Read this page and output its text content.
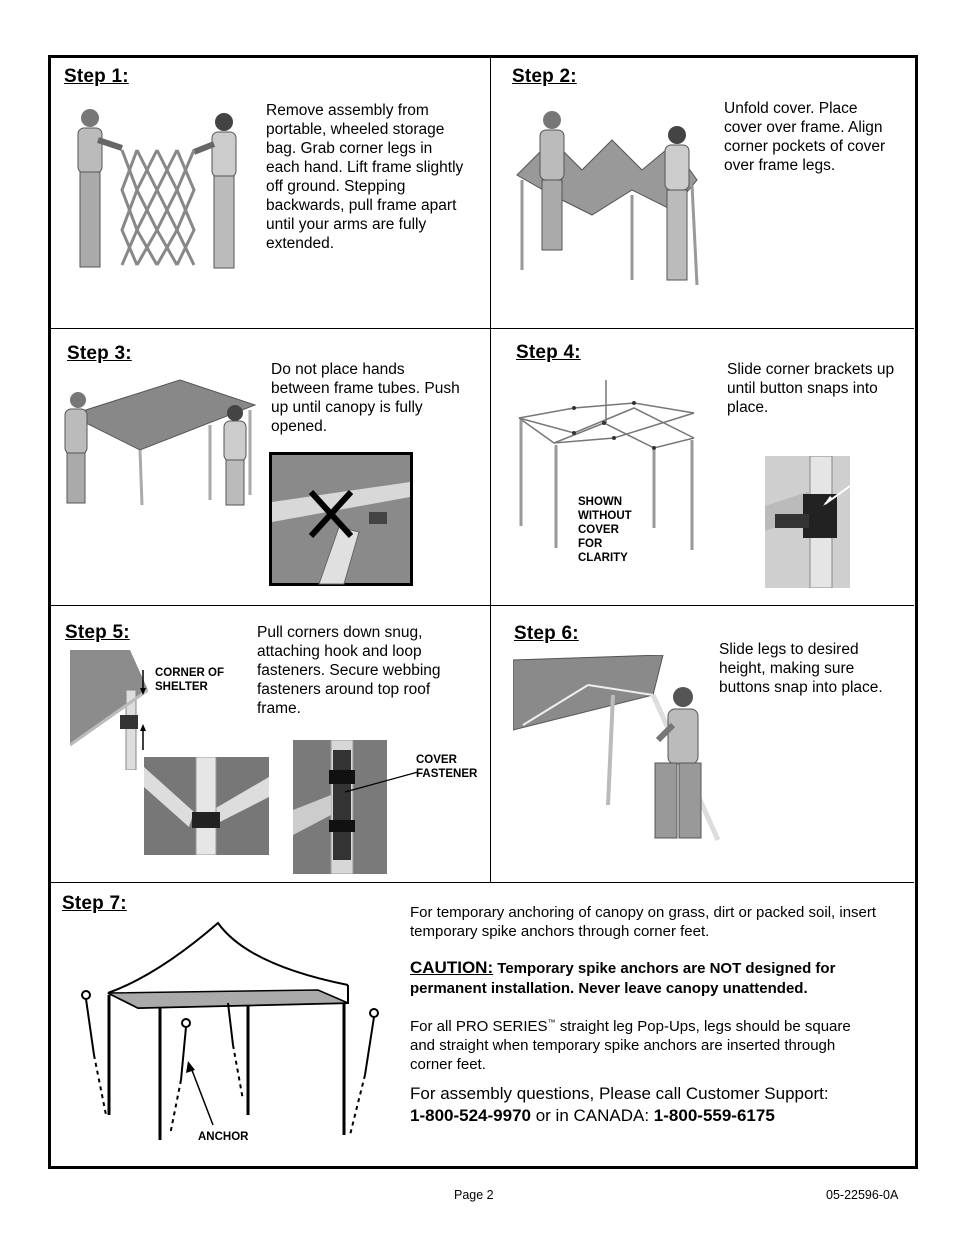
Step 1:
Remove assembly from portable, wheeled storage bag. Grab corner legs in each hand. Lift frame slightly off ground. Stepping backwards, pull frame apart until your arms are fully extended.
Step 2:
Unfold cover. Place cover over frame. Align corner pockets of cover over frame legs.
Step 3:
Do not place hands between frame tubes. Push up until canopy is fully opened.
Step 4:
Slide corner brackets up until button snaps into place.
SHOWN
WITHOUT
COVER
FOR
CLARITY
Step 5:	Pull corners down snug, attaching hook and loop fasteners. Secure webbing fasteners around top roof frame.
CORNER OF
SHELTER
COVER
FASTENER
Step 6:
Slide legs to desired height, making sure buttons snap into place.
Step 7:
ANCHOR
For temporary anchoring of canopy on grass, dirt or packed soil, insert temporary spike anchors through corner feet.
CAUTION: Temporary spike anchors are NOT designed for permanent installation. Never leave canopy unattended.
For all PRO SERIES™ straight leg Pop-Ups, legs should be square and straight when temporary spike anchors are inserted through corner feet.
For assembly questions, Please call Customer Support:
1-800-524-9970 or in CANADA: 1-800-559-6175
Page 2	05-22596-0A
